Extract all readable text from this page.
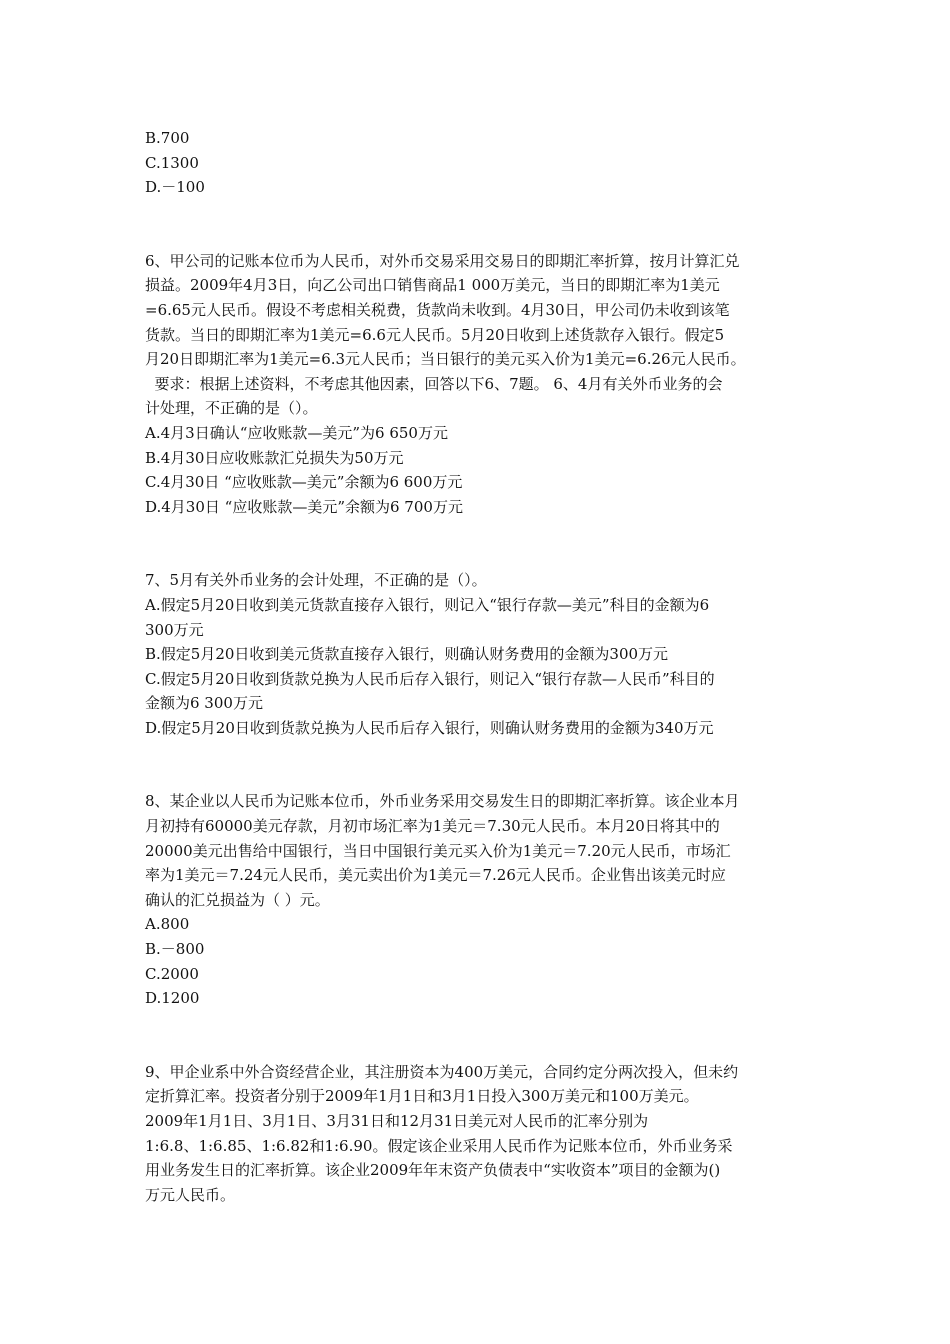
B.700
C.1300
D.－100
6、甲公司的记账本位币为人民币，对外币交易采用交易日的即期汇率折算，按月计算汇兑
损益。2009年4月3日，向乙公司出口销售商品1 000万美元，当日的即期汇率为1美元
=6.65元人民币。假设不考虑相关税费，货款尚未收到。4月30日，甲公司仍未收到该笔
货款。当日的即期汇率为1美元=6.6元人民币。5月20日收到上述货款存入银行。假定5
月20日即期汇率为1美元=6.3元人民币；当日银行的美元买入价为1美元=6.26元人民币。
要求：根据上述资料，不考虑其他因素，回答以下6、7题。 6、4月有关外币业务的会
计处理，不正确的是（）。
A.4月3日确认“应收账款—美元”为6 650万元
B.4月30日应收账款汇兑损失为50万元
C.4月30日 “应收账款—美元”余额为6 600万元
D.4月30日 “应收账款—美元”余额为6 700万元
7、5月有关外币业务的会计处理，不正确的是（）。
A.假定5月20日收到美元货款直接存入银行，则记入“银行存款—美元”科目的金额为6
300万元
B.假定5月20日收到美元货款直接存入银行，则确认财务费用的金额为300万元
C.假定5月20日收到货款兑换为人民币后存入银行，则记入“银行存款—人民币”科目的
金额为6 300万元
D.假定5月20日收到货款兑换为人民币后存入银行，则确认财务费用的金额为340万元
8、某企业以人民币为记账本位币，外币业务采用交易发生日的即期汇率折算。该企业本月
月初持有60000美元存款，月初市场汇率为1美元＝7.30元人民币。本月20日将其中的
20000美元出售给中国银行，当日中国银行美元买入价为1美元＝7.20元人民币，市场汇
率为1美元＝7.24元人民币，美元卖出价为1美元＝7.26元人民币。企业售出该美元时应
确认的汇兑损益为（ ）元。
A.800
B.－800
C.2000
D.1200
9、甲企业系中外合资经营企业，其注册资本为400万美元，合同约定分两次投入，但未约
定折算汇率。投资者分别于2009年1月1日和3月1日投入300万美元和100万美元。
2009年1月1日、3月1日、3月31日和12月31日美元对人民币的汇率分别为
1:6.8、1:6.85、1:6.82和1:6.90。假定该企业采用人民币作为记账本位币，外币业务采
用业务发生日的汇率折算。该企业2009年年末资产负债表中“实收资本”项目的金额为()
万元人民币。
